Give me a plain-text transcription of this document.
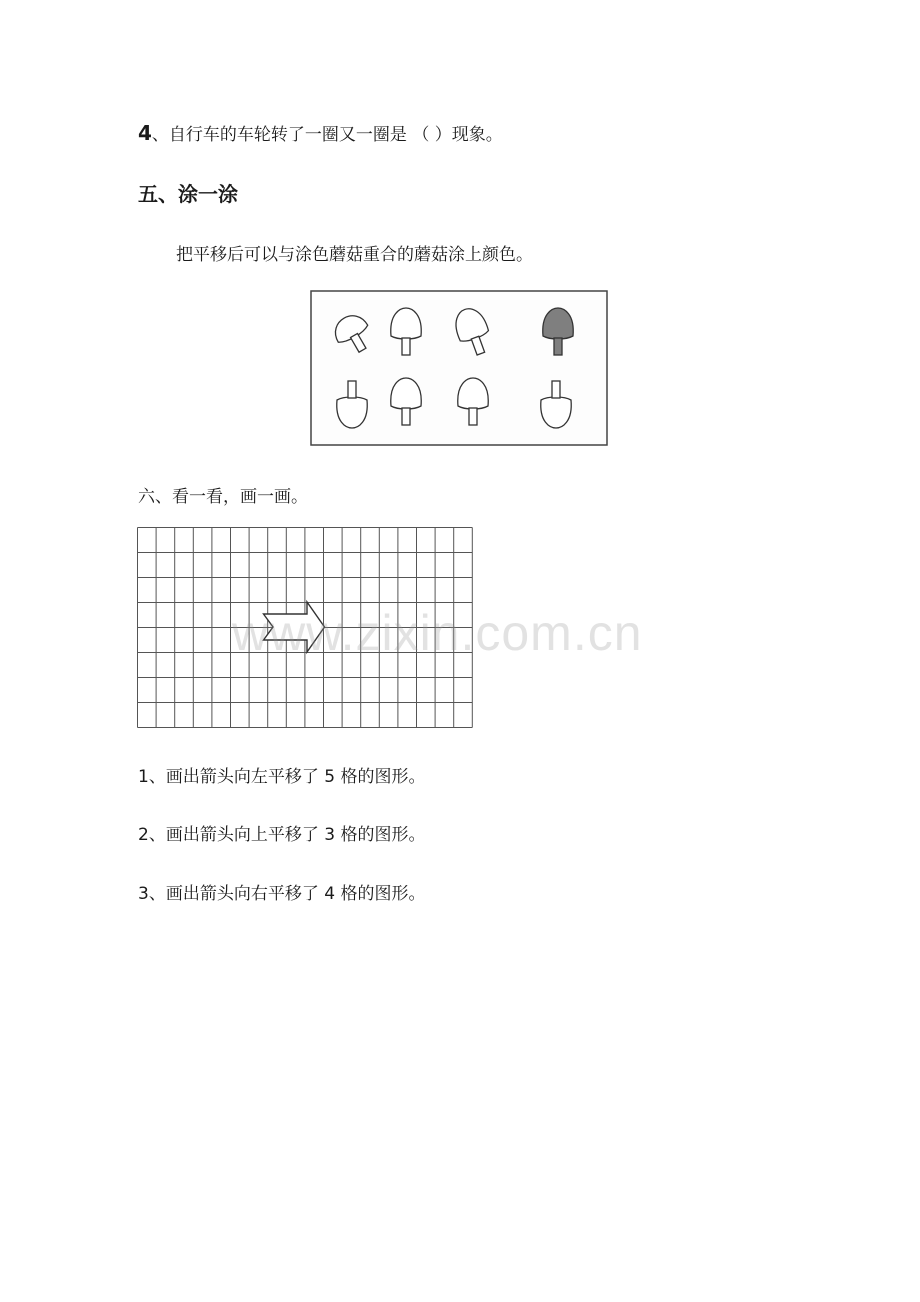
4、自行车的车轮转了一圈又一圈是 （ ）现象。
五、涂一涂
把平移后可以与涂色蘑菇重合的蘑菇涂上颜色。
六、看一看，画一画。
1、画出箭头向左平移了 5 格的图形。
2、画出箭头向上平移了 3 格的图形。
3、画出箭头向右平移了 4 格的图形。
www.zixin.com.cn
